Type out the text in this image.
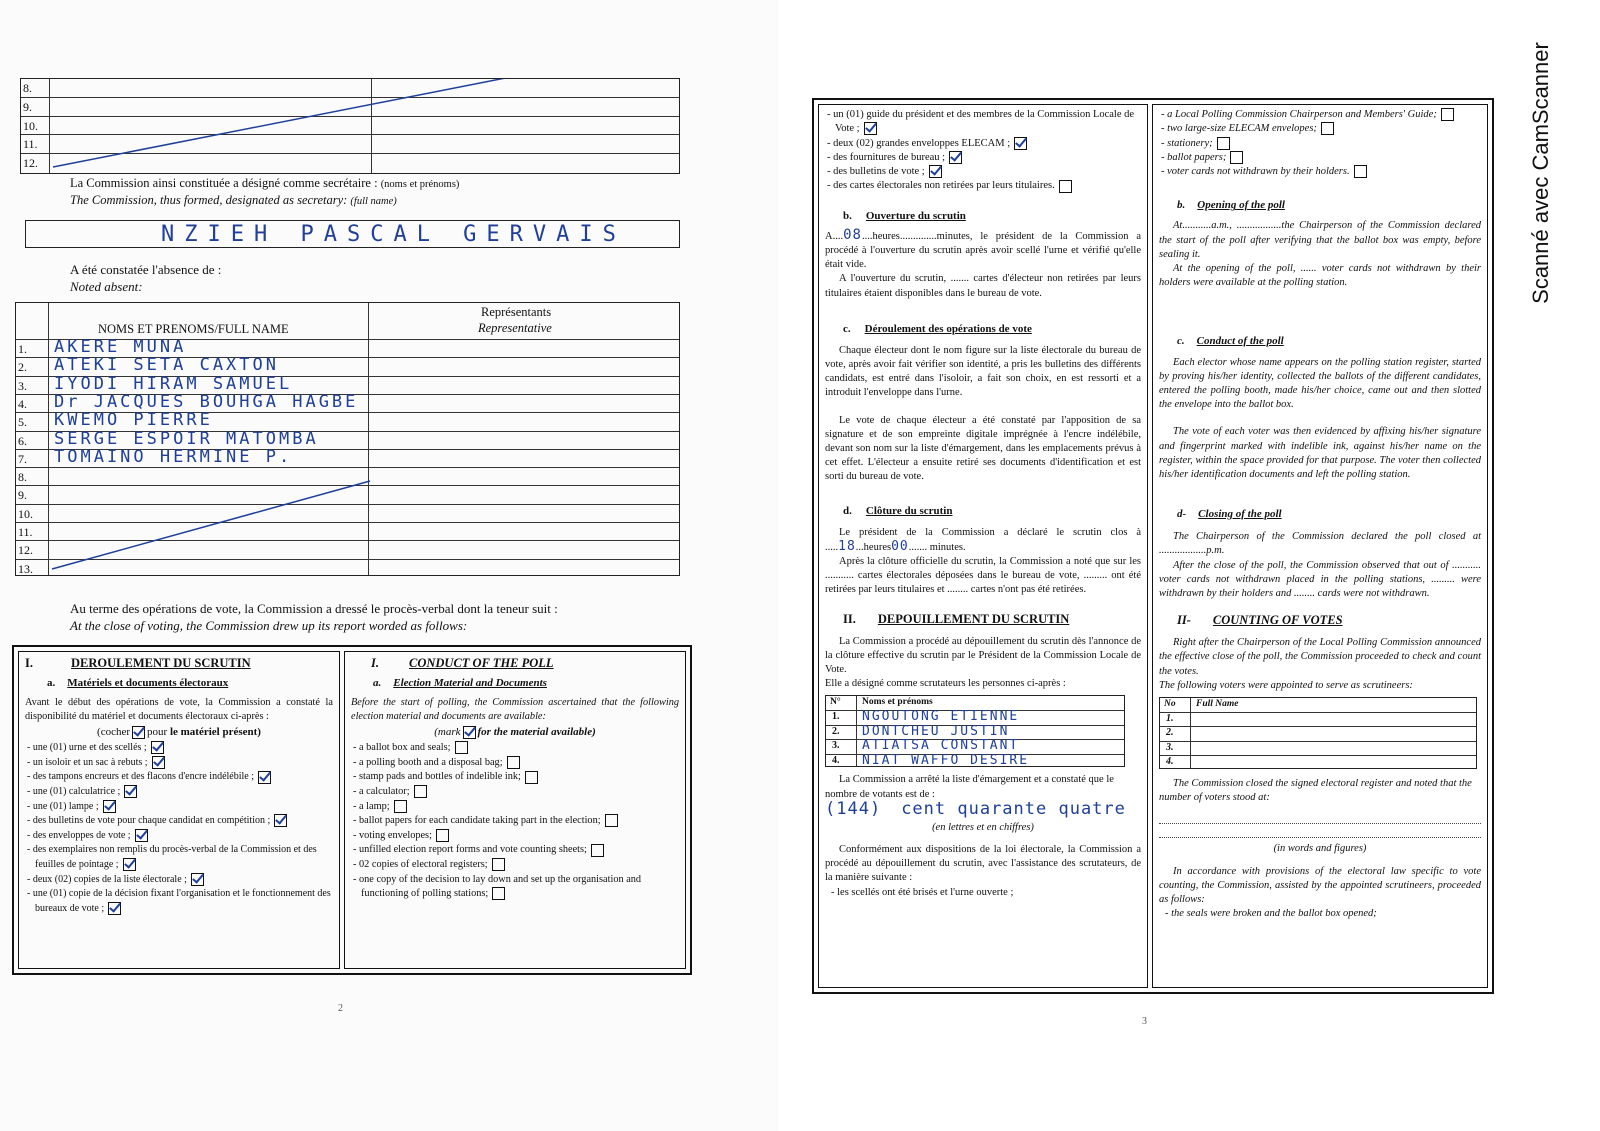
8.
9.
10.
11.
12.
La Commission ainsi constituée a désigné comme secrétaire : (noms et prénoms)
The Commission, thus formed, designated as secretary: (full name)
NZIEH PASCAL GERVAIS
A été constatée l'absence de :
Noted absent:
NOMS ET PRENOMS/FULL NAME
Représentants
Representative
1. AKERE MUNA
2. ATEKI SETA CAXTON
3. IYODI HIRAM SAMUEL
4. Dr JACQUES BOUHGA HAGBE
5. KWEMO PIERRE
6. SERGE ESPOIR MATOMBA
7. TOMAINO HERMINE P.
8.
9.
10.
11.
12.
13.
Au terme des opérations de vote, la Commission a dressé le procès-verbal dont la teneur suit :
At the close of voting, the Commission drew up its report worded as follows:
I.	DEROULEMENT DU SCRUTIN
a. Matériels et documents électoraux
Avant le début des opérations de vote, la Commission a constaté la disponibilité du matériel et documents électoraux ci-après :
(cocher pour le matériel présent)
- une (01) urne et des scellés ;
- un isoloir et un sac à rebuts ;
- des tampons encreurs et des flacons d'encre indélébile ;
- une (01) calculatrice ;
- une (01) lampe ;
- des bulletins de vote pour chaque candidat en compétition ;
- des enveloppes de vote ;
- des exemplaires non remplis du procès-verbal de la Commission et des feuilles de pointage ;
- deux (02) copies de la liste électorale ;
- une (01) copie de la décision fixant l'organisation et le fonctionnement des bureaux de vote ;
I. CONDUCT OF THE POLL
a. Election Material and Documents
Before the start of polling, the Commission ascertained that the following election material and documents are available:
(mark for the material available)
- a ballot box and seals;
- a polling booth and a disposal bag;
- stamp pads and bottles of indelible ink;
- a calculator;
- a lamp;
- ballot papers for each candidate taking part in the election;
- voting envelopes;
- unfilled election report forms and vote counting sheets;
- 02 copies of electoral registers;
- one copy of the decision to lay down and set up the organisation and functioning of polling stations;
2
- un (01) guide du président et des membres de la Commission Locale de Vote ;
- deux (02) grandes enveloppes ELECAM ;
- des fournitures de bureau ;
- des bulletins de vote ;
- des cartes électorales non retirées par leurs titulaires.
b. Ouverture du scrutin
A....08....heures..............minutes, le président de la Commission a procédé à l'ouverture du scrutin après avoir scellé l'urne et vérifié qu'elle était vide.
A l'ouverture du scrutin, ....... cartes d'électeur non retirées par leurs titulaires étaient disponibles dans le bureau de vote.
c. Déroulement des opérations de vote
Chaque électeur dont le nom figure sur la liste électorale du bureau de vote, après avoir fait vérifier son identité, a pris les bulletins des différents candidats, est entré dans l'isoloir, a fait son choix, en est ressorti et a introduit l'enveloppe dans l'urne.
Le vote de chaque électeur a été constaté par l'apposition de sa signature et de son empreinte digitale imprégnée à l'encre indélébile, devant son nom sur la liste d'émargement, dans les emplacements prévus à cet effet. L'électeur a ensuite retiré ses documents d'identification et est sorti du bureau de vote.
d. Clôture du scrutin
Le président de la Commission a déclaré le scrutin clos à .....18...heures00....... minutes.
Après la clôture officielle du scrutin, la Commission a noté que sur les ........... cartes électorales déposées dans le bureau de vote, ......... ont été retirées par leurs titulaires et ........ cartes n'ont pas été retirées.
II. DEPOUILLEMENT DU SCRUTIN
La Commission a procédé au dépouillement du scrutin dès l'annonce de la clôture effective du scrutin par le Président de la Commission Locale de Vote.
Elle a désigné comme scrutateurs les personnes ci-après :
N° Noms et prénoms
1. NGOUTONG ETIENNE
2. DONTCHEU JUSTIN
3. ATIATSA CONSTANT
4. NIAT WAFFO DESIRE
La Commission a arrêté la liste d'émargement et a constaté que le nombre de votants est de :
(144) cent quarante quatre
(en lettres et en chiffres)
Conformément aux dispositions de la loi électorale, la Commission a procédé au dépouillement du scrutin, avec l'assistance des scrutateurs, de la manière suivante :
- les scellés ont été brisés et l'urne ouverte ;
- a Local Polling Commission Chairperson and Members' Guide;
- two large-size ELECAM envelopes;
- stationery;
- ballot papers;
- voter cards not withdrawn by their holders.
b. Opening of the poll
At...........a.m., .................the Chairperson of the Commission declared the start of the poll after verifying that the ballot box was empty, before sealing it.
At the opening of the poll, ...... voter cards not withdrawn by their holders were available at the polling station.
c. Conduct of the poll
Each elector whose name appears on the polling station register, started by proving his/her identity, collected the ballots of the different candidates, entered the polling booth, made his/her choice, came out and then slotted the envelope into the ballot box.
The vote of each voter was then evidenced by affixing his/her signature and fingerprint marked with indelible ink, against his/her name on the register, within the space provided for that purpose. The voter then collected his/her identification documents and left the polling station.
d- Closing of the poll
The Chairperson of the Commission declared the poll closed at ..................p.m.
After the close of the poll, the Commission observed that out of ........... voter cards not withdrawn placed in the polling stations, ......... were withdrawn by their holders and ........ cards were not withdrawn.
II- COUNTING OF VOTES
Right after the Chairperson of the Local Polling Commission announced the effective close of the poll, the Commission proceeded to check and count the votes.
The following voters were appointed to serve as scrutineers:
No Full Name
1.
2.
3.
4.
The Commission closed the signed electoral register and noted that the number of voters stood at:
(in words and figures)
In accordance with provisions of the electoral law specific to vote counting, the Commission, assisted by the appointed scrutineers, proceeded as follows:
- the seals were broken and the ballot box opened;
3
Scanné avec CamScanner
